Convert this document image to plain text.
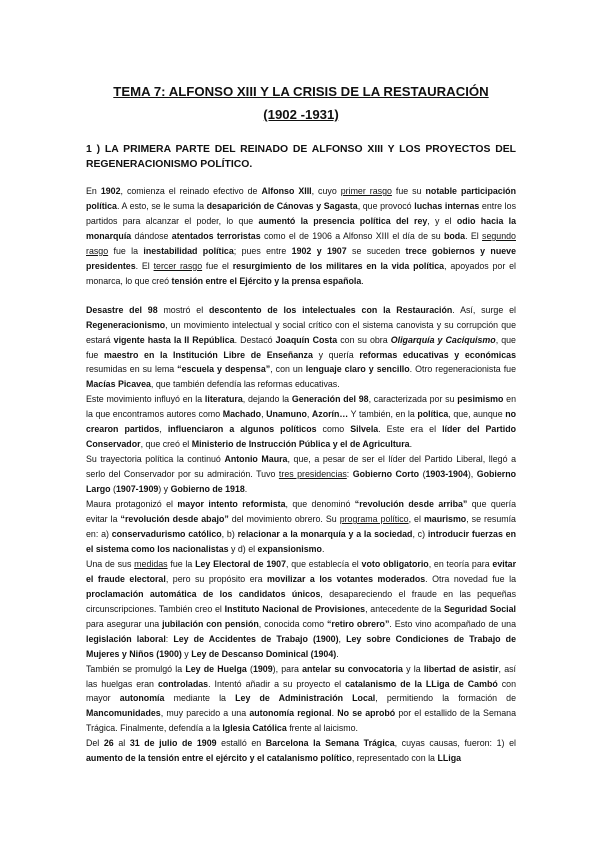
TEMA 7: ALFONSO XIII Y LA CRISIS DE LA RESTAURACIÓN
(1902 -1931)

1 ) LA PRIMERA PARTE DEL REINADO DE ALFONSO XIII Y LOS PROYECTOS DEL REGENERACIONISMO POLÍTICO.

En 1902, comienza el reinado efectivo de Alfonso XIII, cuyo primer rasgo fue su notable participación política. A esto, se le suma la desaparición de Cánovas y Sagasta, que provocó luchas internas entre los partidos para alcanzar el poder, lo que aumentó la presencia política del rey, y el odio hacia la monarquía dándose atentados terroristas como el de 1906 a Alfonso XIII el día de su boda. El segundo rasgo fue la inestabilidad política; pues entre 1902 y 1907 se suceden trece gobiernos y nueve presidentes. El tercer rasgo fue el resurgimiento de los militares en la vida política, apoyados por el monarca, lo que creó tensión entre el Ejército y la prensa española.

Desastre del 98 mostró el descontento de los intelectuales con la Restauración. Así, surge el Regeneracionismo, un movimiento intelectual y social crítico con el sistema canovista y su corrupción que estará vigente hasta la II República. Destacó Joaquín Costa con su obra Oligarquía y Caciquismo, que fue maestro en la Institución Libre de Enseñanza y quería reformas educativas y económicas resumidas en su lema “escuela y despensa”, con un lenguaje claro y sencillo. Otro regeneracionista fue Macías Picavea, que también defendía las reformas educativas.

Este movimiento influyó en la literatura, dejando la Generación del 98, caracterizada por su pesimismo en la que encontramos autores como Machado, Unamuno, Azorín… Y también, en la política, que, aunque no crearon partidos, influenciaron a algunos políticos como Silvela. Este era el líder del Partido Conservador, que creó el Ministerio de Instrucción Pública y el de Agricultura.

Su trayectoria política la continuó Antonio Maura, que, a pesar de ser el líder del Partido Liberal, llegó a serlo del Conservador por su admiración. Tuvo tres presidencias: Gobierno Corto (1903-1904), Gobierno Largo (1907-1909) y Gobierno de 1918.

Maura protagonizó el mayor intento reformista, que denominó “revolución desde arriba” que quería evitar la “revolución desde abajo” del movimiento obrero. Su programa político, el maurismo, se resumía en: a) conservadurismo católico, b) relacionar a la monarquía y a la sociedad, c) introducir fuerzas en el sistema como los nacionalistas y d) el expansionismo.

Una de sus medidas fue la Ley Electoral de 1907, que establecía el voto obligatorio, en teoría para evitar el fraude electoral, pero su propósito era movilizar a los votantes moderados. Otra novedad fue la proclamación automática de los candidatos únicos, desapareciendo el fraude en las pequeñas circunscripciones. También creo el Instituto Nacional de Provisiones, antecedente de la Seguridad Social para asegurar una jubilación con pensión, conocida como “retiro obrero”. Esto vino acompañado de una legislación laboral: Ley de Accidentes de Trabajo (1900), Ley sobre Condiciones de Trabajo de Mujeres y Niños (1900) y Ley de Descanso Dominical (1904).

También se promulgó la Ley de Huelga (1909), para antelar su convocatoria y la libertad de asistir, así las huelgas eran controladas. Intentó añadir a su proyecto el catalanismo de la LLiga de Cambó con mayor autonomía mediante la Ley de Administración Local, permitiendo la formación de Mancomunidades, muy parecido a una autonomía regional. No se aprobó por el estallido de la Semana Trágica. Finalmente, defendía a la Iglesia Católica frente al laicismo.

Del 26 al 31 de julio de 1909 estalló en Barcelona la Semana Trágica, cuyas causas, fueron: 1) el aumento de la tensión entre el ejército y el catalanismo político, representado con la LLiga
